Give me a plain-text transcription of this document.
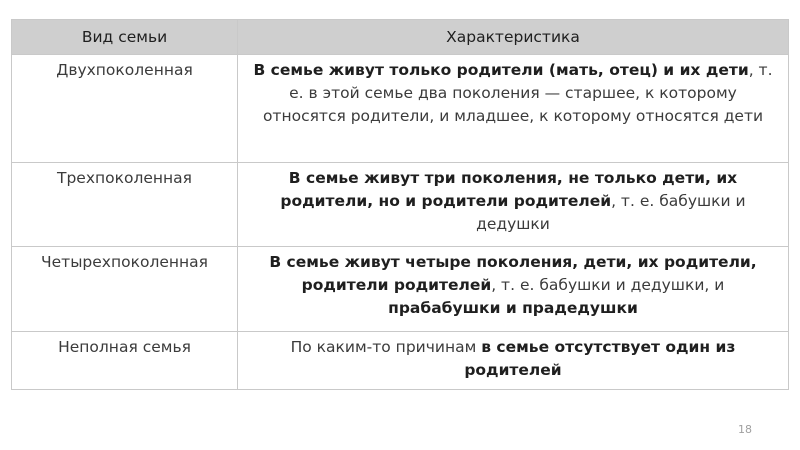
Вид семьи	Характеристика
Двухпоколенная	В семье живут только родители (мать, отец) и их дети, т. е. в этой семье два поколения — старшее, к которому относятся родители, и младшее, к которому относятся дети
Трехпоколенная	В семье живут три поколения, не только дети, их родители, но и родители родителей, т. е. бабушки и дедушки
Четырехпоколенная	В семье живут четыре поколения, дети, их родители, родители родителей, т. е. бабушки и дедушки, и прабабушки и прадедушки
Неполная семья	По каким-то причинам в семье отсутствует один из родителей
18
